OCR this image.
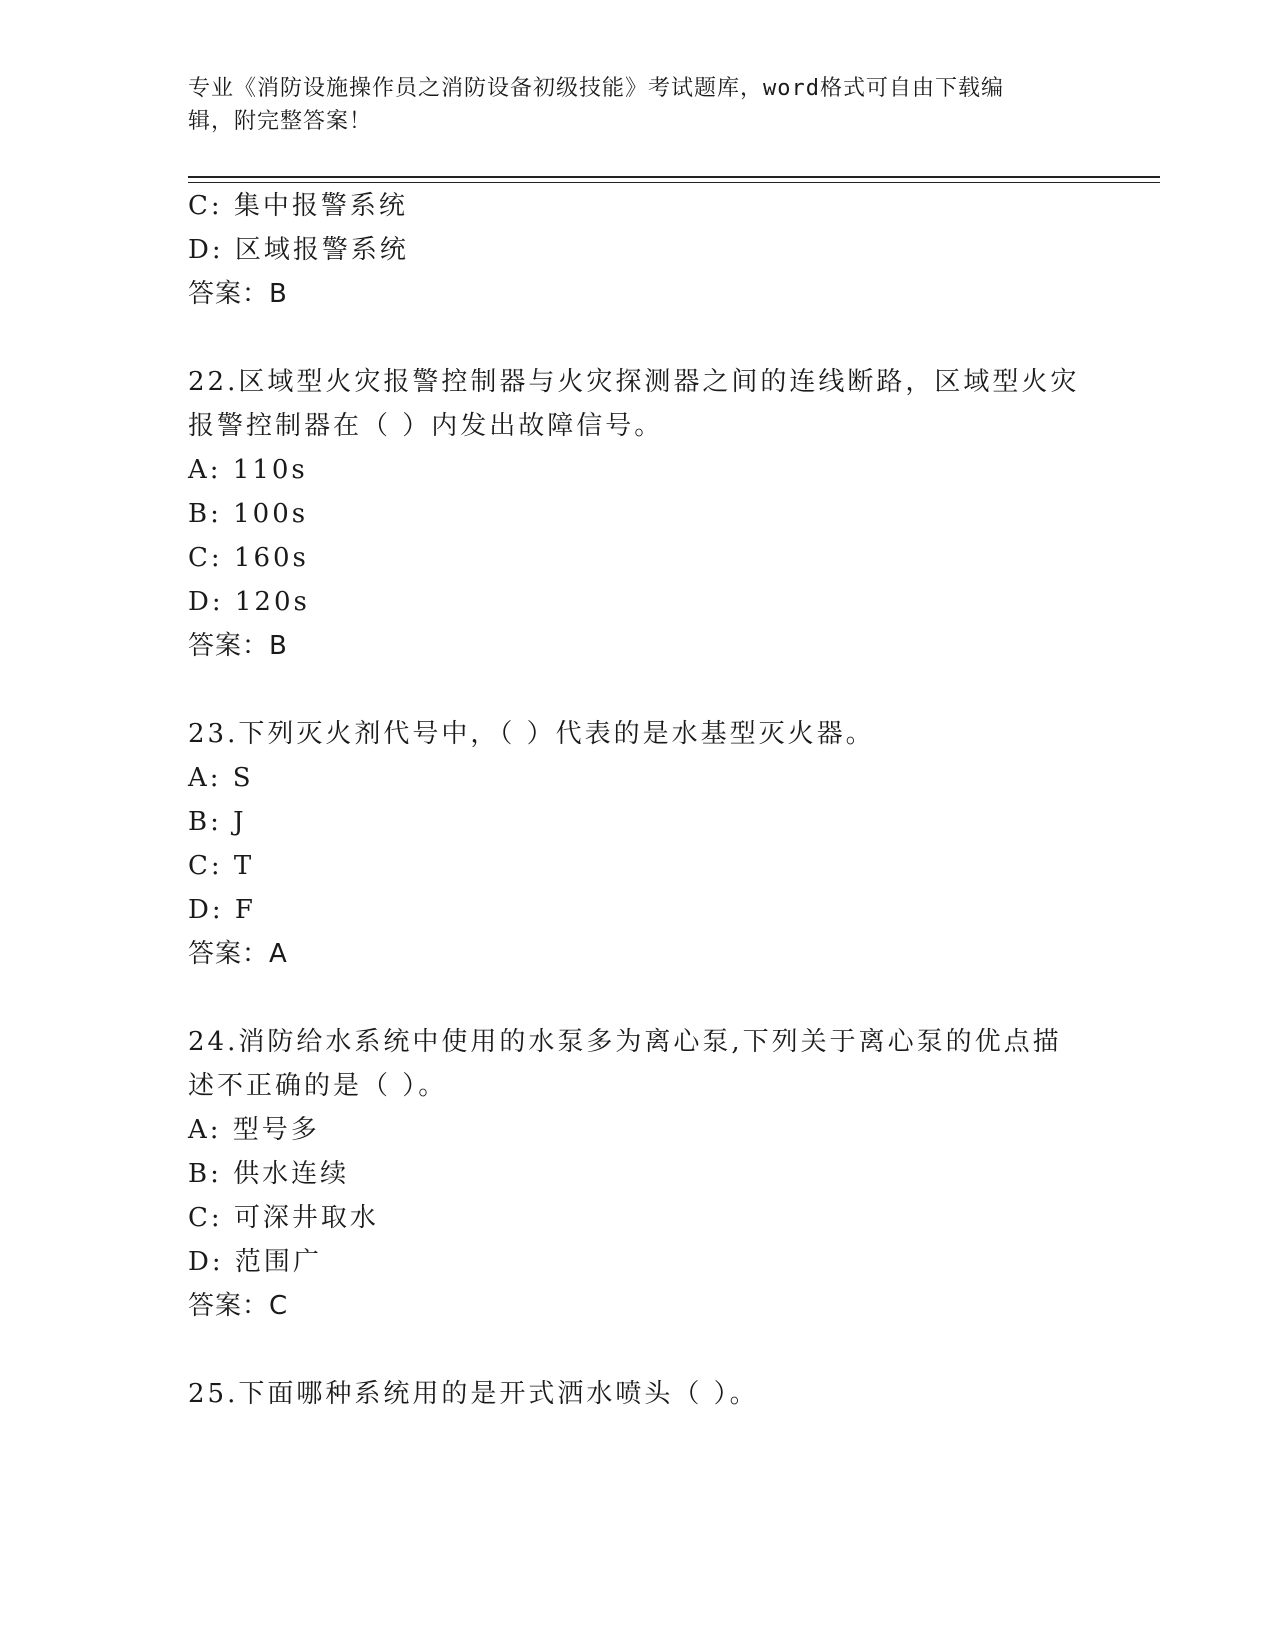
专业《消防设施操作员之消防设备初级技能》考试题库，word格式可自由下载编
辑，附完整答案！
C: 集中报警系统
D: 区域报警系统
答案：B
22.区域型火灾报警控制器与火灾探测器之间的连线断路，区域型火灾
报警控制器在（ ）内发出故障信号。
A: 110s
B: 100s
C: 160s
D: 120s
答案：B
23.下列灭火剂代号中，（ ）代表的是水基型灭火器。
A: S
B: J
C: T
D: F
答案：A
24.消防给水系统中使用的水泵多为离心泵,下列关于离心泵的优点描
述不正确的是（ ）。
A: 型号多
B: 供水连续
C: 可深井取水
D: 范围广
答案：C
25.下面哪种系统用的是开式洒水喷头（ ）。
